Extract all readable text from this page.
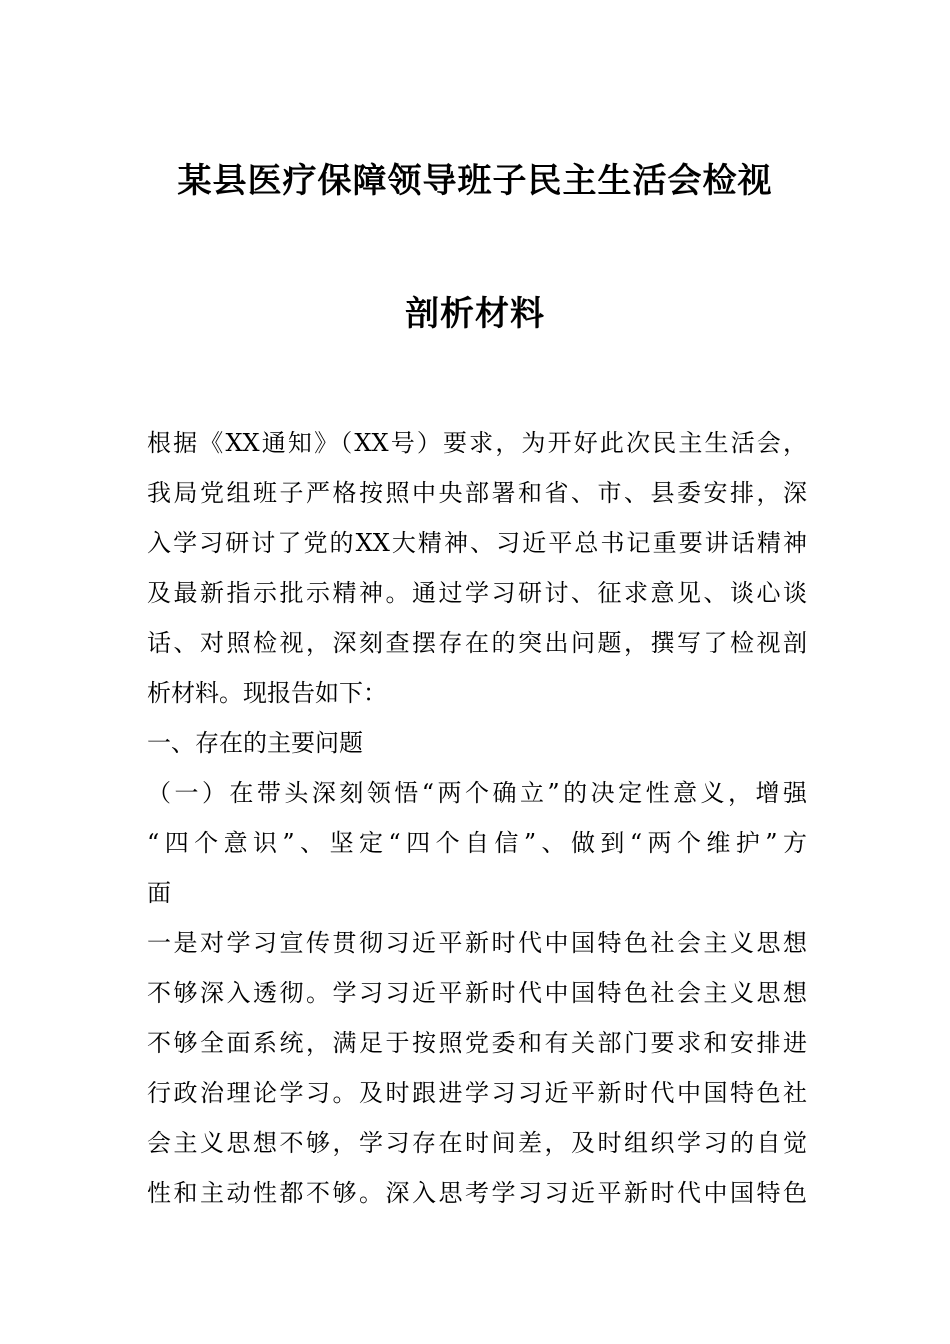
某县医疗保障领导班子民主生活会检视
剖析材料
根据《XX通知》（XX号）要求，为开好此次民主生活会，
我局党组班子严格按照中央部署和省、市、县委安排，深
入学习研讨了党的XX大精神、习近平总书记重要讲话精神
及最新指示批示精神。通过学习研讨、征求意见、谈心谈
话、对照检视，深刻查摆存在的突出问题，撰写了检视剖
析材料。现报告如下：
一、存在的主要问题
（一）在带头深刻领悟“两个确立”的决定性意义，增强
“四个意识”、坚定“四个自信”、做到“两个维护”方
面
一是对学习宣传贯彻习近平新时代中国特色社会主义思想
不够深入透彻。学习习近平新时代中国特色社会主义思想
不够全面系统，满足于按照党委和有关部门要求和安排进
行政治理论学习。及时跟进学习习近平新时代中国特色社
会主义思想不够，学习存在时间差，及时组织学习的自觉
性和主动性都不够。深入思考学习习近平新时代中国特色
